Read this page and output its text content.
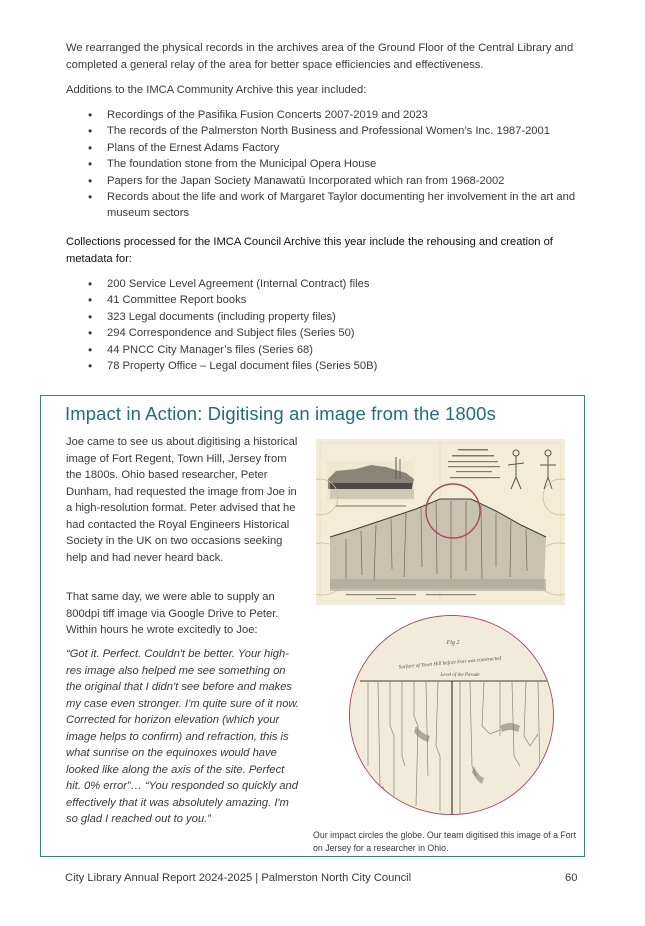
We rearranged the physical records in the archives area of the Ground Floor of the Central Library and completed a general relay of the area for better space efficiencies and effectiveness.

Additions to the IMCA Community Archive this year included:

• Recordings of the Pasifika Fusion Concerts 2007-2019 and 2023
• The records of the Palmerston North Business and Professional Women’s Inc. 1987-2001
• Plans of the Ernest Adams Factory
• The foundation stone from the Municipal Opera House
• Papers for the Japan Society Manawatū Incorporated which ran from 1968-2002
• Records about the life and work of Margaret Taylor documenting her involvement in the art and museum sectors

Collections processed for the IMCA Council Archive this year include the rehousing and creation of metadata for:

• 200 Service Level Agreement (Internal Contract) files
• 41 Committee Report books
• 323 Legal documents (including property files)
• 294 Correspondence and Subject files (Series 50)
• 44 PNCC City Manager’s files (Series 68)
• 78 Property Office – Legal document files (Series 50B)
Impact in Action: Digitising an image from the 1800s

Joe came to see us about digitising a historical image of Fort Regent, Town Hill, Jersey from the 1800s. Ohio based researcher, Peter Dunham, had requested the image from Joe in a high-resolution format. Peter advised that he had contacted the Royal Engineers Historical Society in the UK on two occasions seeking help and had never heard back.

That same day, we were able to supply an 800dpi tiff image via Google Drive to Peter. Within hours he wrote excitedly to Joe:

“Got it. Perfect. Couldn't be better. Your high-res image also helped me see something on the original that I didn't see before and makes my case even stronger. I'm quite sure of it now. Corrected for horizon elevation (which your image helps to confirm) and refraction, this is what sunrise on the equinoxes would have looked like along the axis of the site. Perfect hit. 0% error”… “You responded so quickly and effectively that it was absolutely amazing. I'm so glad I reached out to you.”

Fig 2
Surface of Town Hill before Fort was constructed
Level of the Parade

Our impact circles the globe. Our team digitised this image of a Fort on Jersey for a researcher in Ohio.

City Library Annual Report 2024-2025 | Palmerston North City Council	60
